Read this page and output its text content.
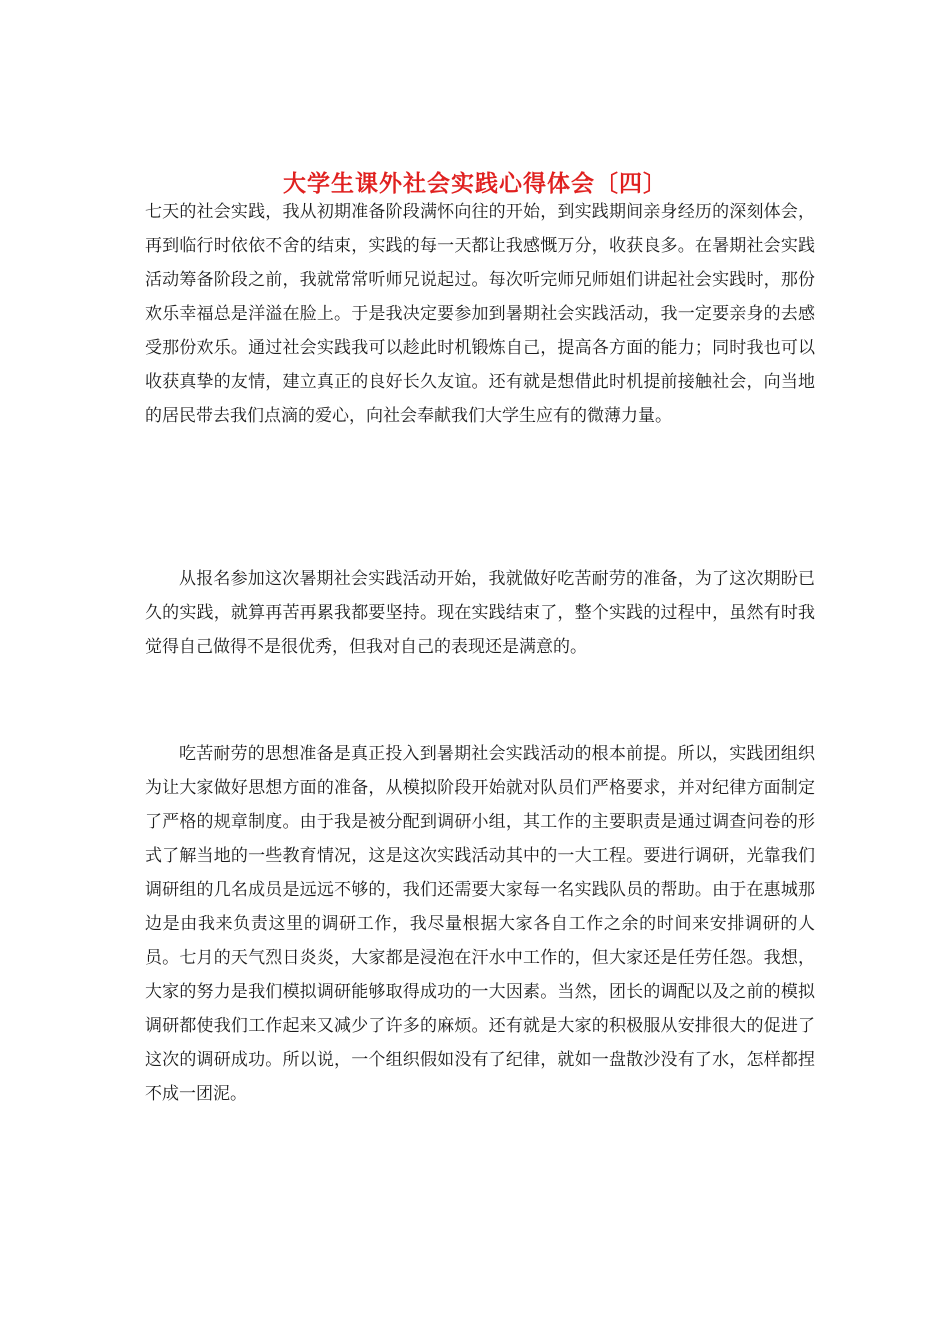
大学生课外社会实践心得体会〔四〕

七天的社会实践，我从初期准备阶段满怀向往的开始，到实践期间亲身经历的深刻体会，再到临行时依依不舍的结束，实践的每一天都让我感慨万分，收获良多。在暑期社会实践活动筹备阶段之前，我就常常听师兄说起过。每次听完师兄师姐们讲起社会实践时，那份欢乐幸福总是洋溢在脸上。于是我决定要参加到暑期社会实践活动，我一定要亲身的去感受那份欢乐。通过社会实践我可以趁此时机锻炼自己，提高各方面的能力；同时我也可以收获真挚的友情，建立真正的良好长久友谊。还有就是想借此时机提前接触社会，向当地的居民带去我们点滴的爱心，向社会奉献我们大学生应有的微薄力量。

从报名参加这次暑期社会实践活动开始，我就做好吃苦耐劳的准备，为了这次期盼已久的实践，就算再苦再累我都要坚持。现在实践结束了，整个实践的过程中，虽然有时我觉得自己做得不是很优秀，但我对自己的表现还是满意的。

吃苦耐劳的思想准备是真正投入到暑期社会实践活动的根本前提。所以，实践团组织为让大家做好思想方面的准备，从模拟阶段开始就对队员们严格要求，并对纪律方面制定了严格的规章制度。由于我是被分配到调研小组，其工作的主要职责是通过调查问卷的形式了解当地的一些教育情况，这是这次实践活动其中的一大工程。要进行调研，光靠我们调研组的几名成员是远远不够的，我们还需要大家每一名实践队员的帮助。由于在惠城那边是由我来负责这里的调研工作，我尽量根据大家各自工作之余的时间来安排调研的人员。七月的天气烈日炎炎，大家都是浸泡在汗水中工作的，但大家还是任劳任怨。我想，大家的努力是我们模拟调研能够取得成功的一大因素。当然，团长的调配以及之前的模拟调研都使我们工作起来又减少了许多的麻烦。还有就是大家的积极服从安排很大的促进了这次的调研成功。所以说，一个组织假如没有了纪律，就如一盘散沙没有了水，怎样都捏不成一团泥。
